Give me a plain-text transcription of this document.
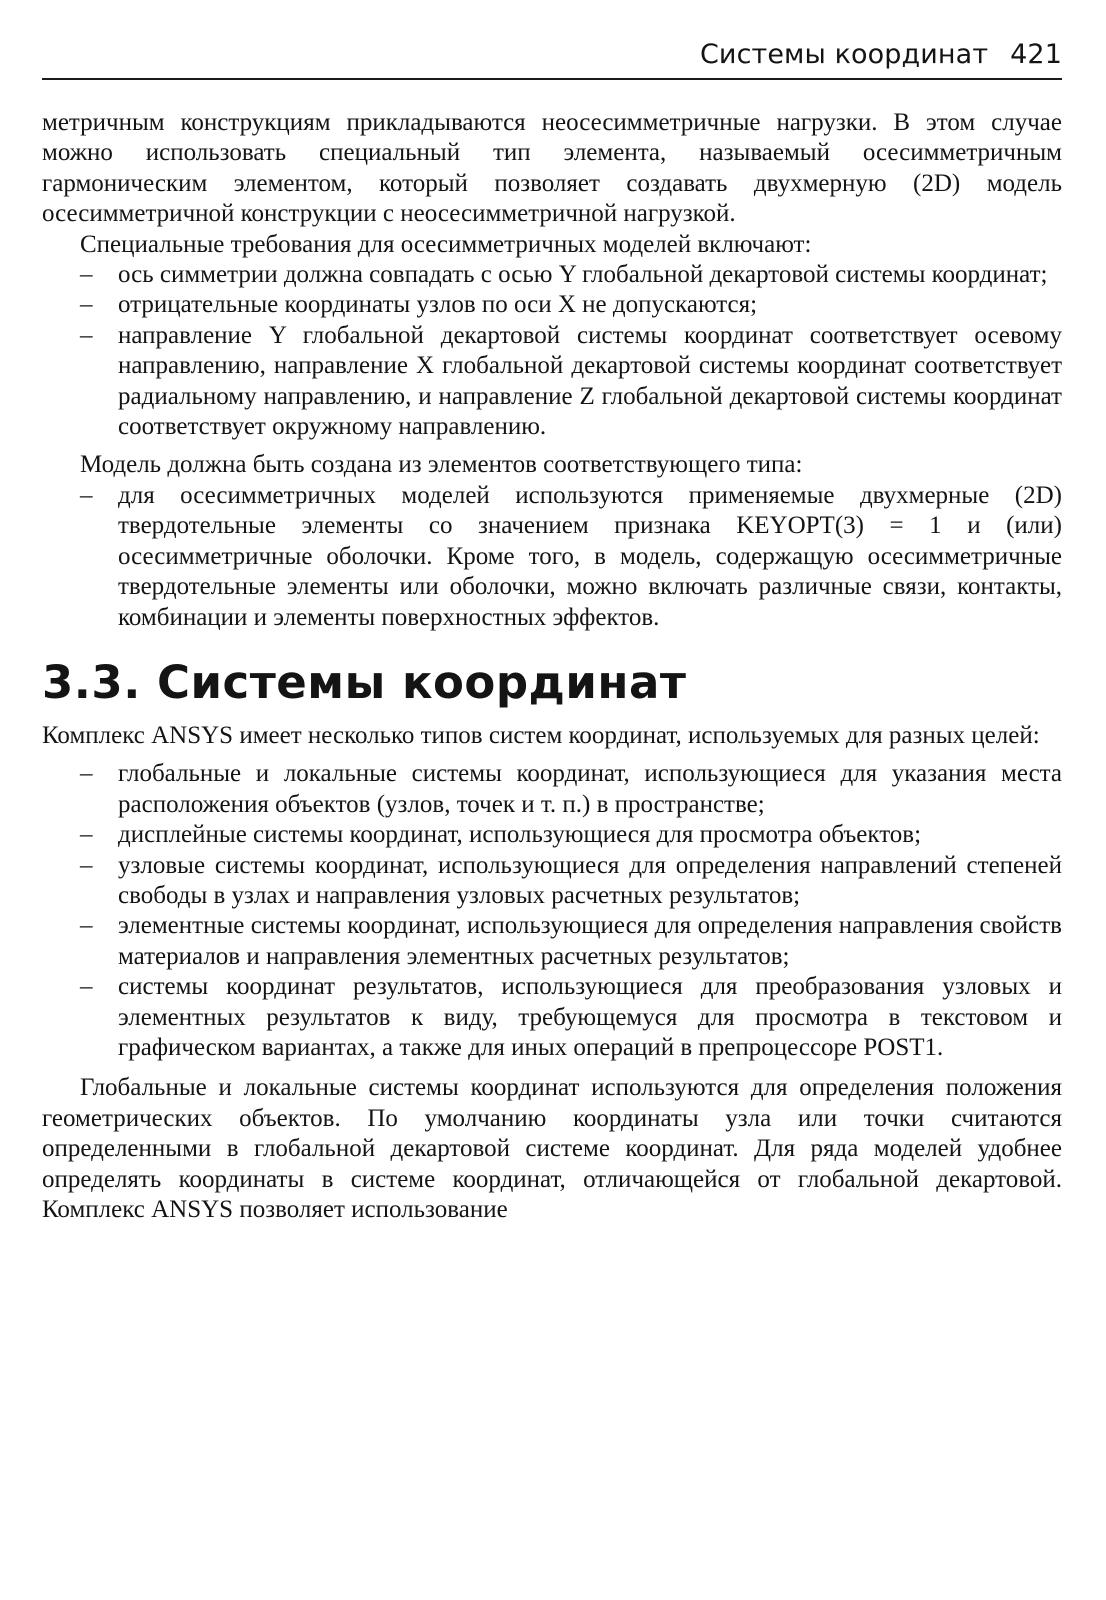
Системы координат 421

метричным конструкциям прикладываются неосесимметричные нагрузки. В этом случае можно использовать специальный тип элемента, называемый осесимметричным гармоническим элементом, который позволяет создавать двухмерную (2D) модель осесимметричной конструкции с неосесимметричной нагрузкой.

Специальные требования для осесимметричных моделей включают:

– ось симметрии должна совпадать с осью Y глобальной декартовой системы координат;
– отрицательные координаты узлов по оси X не допускаются;
– направление Y глобальной декартовой системы координат соответствует осевому направлению, направление X глобальной декартовой системы координат соответствует радиальному направлению, и направление Z глобальной декартовой системы координат соответствует окружному направлению.

Модель должна быть создана из элементов соответствующего типа:

– для осесимметричных моделей используются применяемые двухмерные (2D) твердотельные элементы со значением признака KEYOPT(3) = 1 и (или) осесимметричные оболочки. Кроме того, в модель, содержащую осесимметричные твердотельные элементы или оболочки, можно включать различные связи, контакты, комбинации и элементы поверхностных эффектов.
3.3. Системы координат

Комплекс ANSYS имеет несколько типов систем координат, используемых для разных целей:

– глобальные и локальные системы координат, использующиеся для указания места расположения объектов (узлов, точек и т. п.) в пространстве;
– дисплейные системы координат, использующиеся для просмотра объектов;
– узловые системы координат, использующиеся для определения направлений степеней свободы в узлах и направления узловых расчетных результатов;
– элементные системы координат, использующиеся для определения направления свойств материалов и направления элементных расчетных результатов;
– системы координат результатов, использующиеся для преобразования узловых и элементных результатов к виду, требующемуся для просмотра в текстовом и графическом вариантах, а также для иных операций в препроцессоре POST1.

Глобальные и локальные системы координат используются для определения положения геометрических объектов. По умолчанию координаты узла или точки считаются определенными в глобальной декартовой системе координат. Для ряда моделей удобнее определять координаты в системе координат, отличающейся от глобальной декартовой. Комплекс ANSYS позволяет использование
